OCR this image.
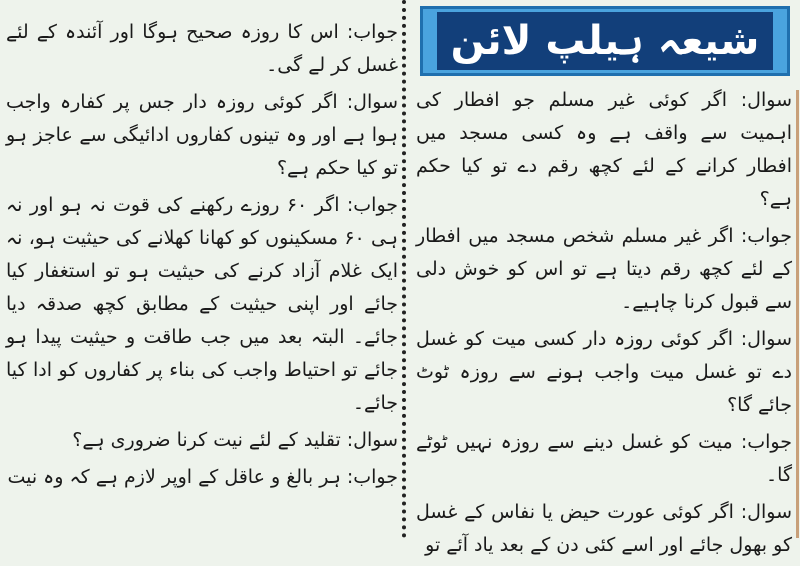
جواب: اس کا روزہ صحیح ہوگا اور آئندہ کے لئے غسل کر لے گی۔

سوال: اگر کوئی روزہ دار جس پر کفارہ واجب ہوا ہے اور وہ تینوں کفاروں ادائیگی سے عاجز ہو تو کیا حکم ہے؟

جواب: اگر ۶۰ روزے رکھنے کی قوت نہ ہو اور نہ ہی ۶۰ مسکینوں کو کھانا کھلانے کی حیثیت ہو، نہ ایک غلام آزاد کرنے کی حیثیت ہو تو استغفار کیا جائے اور اپنی حیثیت کے مطابق کچھ صدقہ دیا جائے۔ البتہ بعد میں جب طاقت و حیثیت پیدا ہو جائے تو احتیاط واجب کی بناء پر کفاروں کو ادا کیا جائے۔

سوال: تقلید کے لئے نیت کرنا ضروری ہے؟

جواب: ہر بالغ و عاقل کے اوپر لازم ہے کہ وہ نیت

شیعہ ہیلپ لائن

سوال: اگر کوئی غیر مسلم جو افطار کی اہمیت سے واقف ہے وہ کسی مسجد میں افطار کرانے کے لئے کچھ رقم دے تو کیا حکم ہے؟

جواب: اگر غیر مسلم شخص مسجد میں افطار کے لئے کچھ رقم دیتا ہے تو اس کو خوش دلی سے قبول کرنا چاہیے۔

سوال: اگر کوئی روزہ دار کسی میت کو غسل دے تو غسل میت واجب ہونے سے روزہ ٹوٹ جائے گا؟

جواب: میت کو غسل دینے سے روزہ نہیں ٹوٹے گا۔

سوال: اگر کوئی عورت حیض یا نفاس کے غسل کو بھول جائے اور اسے کئی دن کے بعد یاد آئے تو
